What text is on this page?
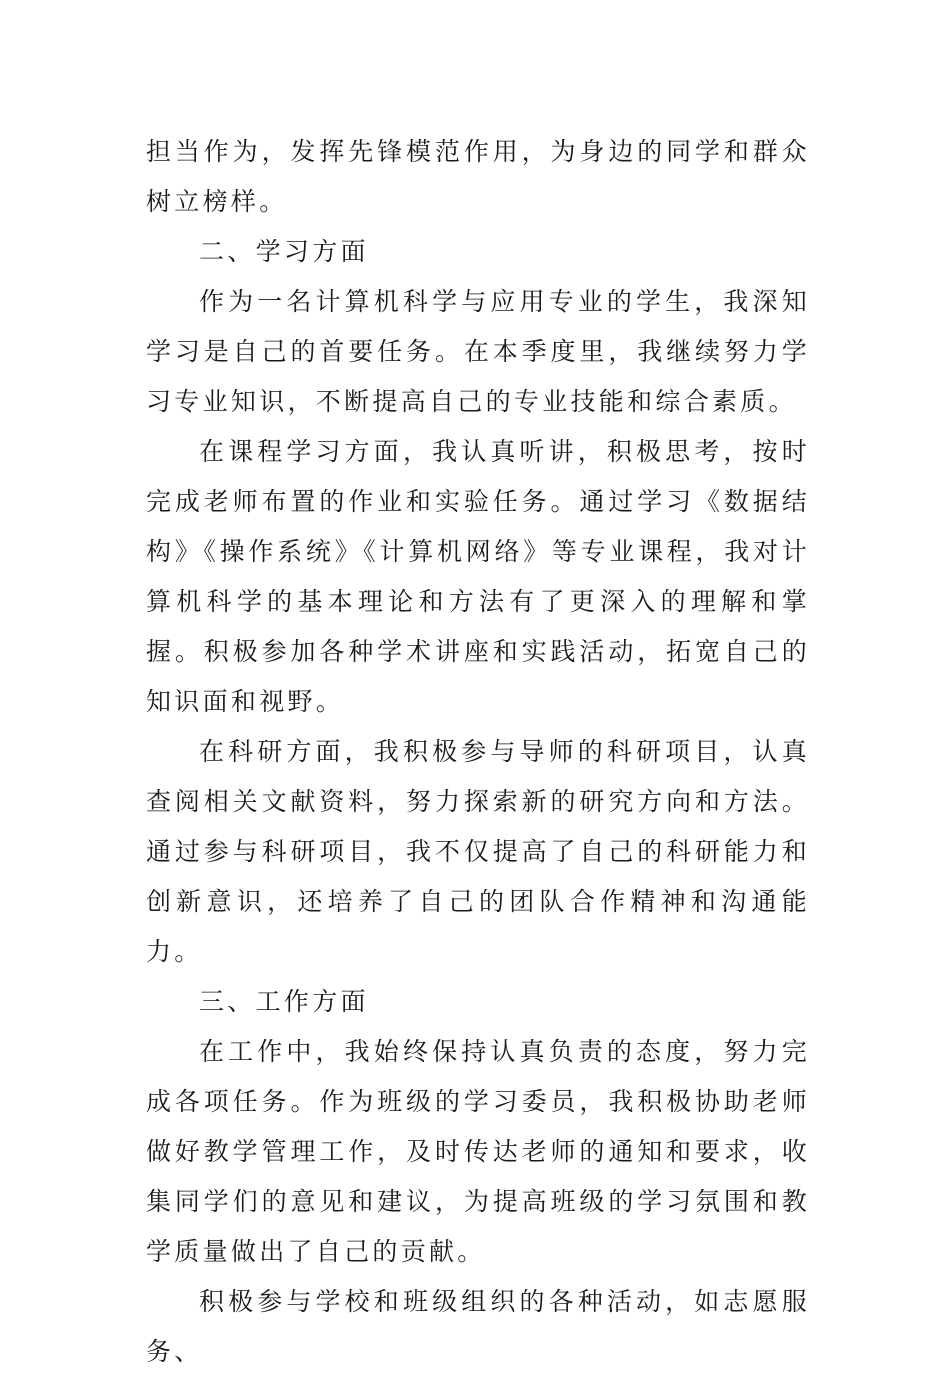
担当作为，发挥先锋模范作用，为身边的同学和群众树立榜样。

二、学习方面

作为一名计算机科学与应用专业的学生，我深知学习是自己的首要任务。在本季度里，我继续努力学习专业知识，不断提高自己的专业技能和综合素质。

在课程学习方面，我认真听讲，积极思考，按时完成老师布置的作业和实验任务。通过学习《数据结构》《操作系统》《计算机网络》等专业课程，我对计算机科学的基本理论和方法有了更深入的理解和掌握。积极参加各种学术讲座和实践活动，拓宽自己的知识面和视野。

在科研方面，我积极参与导师的科研项目，认真查阅相关文献资料，努力探索新的研究方向和方法。通过参与科研项目，我不仅提高了自己的科研能力和创新意识，还培养了自己的团队合作精神和沟通能力。

三、工作方面

在工作中，我始终保持认真负责的态度，努力完成各项任务。作为班级的学习委员，我积极协助老师做好教学管理工作，及时传达老师的通知和要求，收集同学们的意见和建议，为提高班级的学习氛围和教学质量做出了自己的贡献。

积极参与学校和班级组织的各种活动，如志愿服务、
